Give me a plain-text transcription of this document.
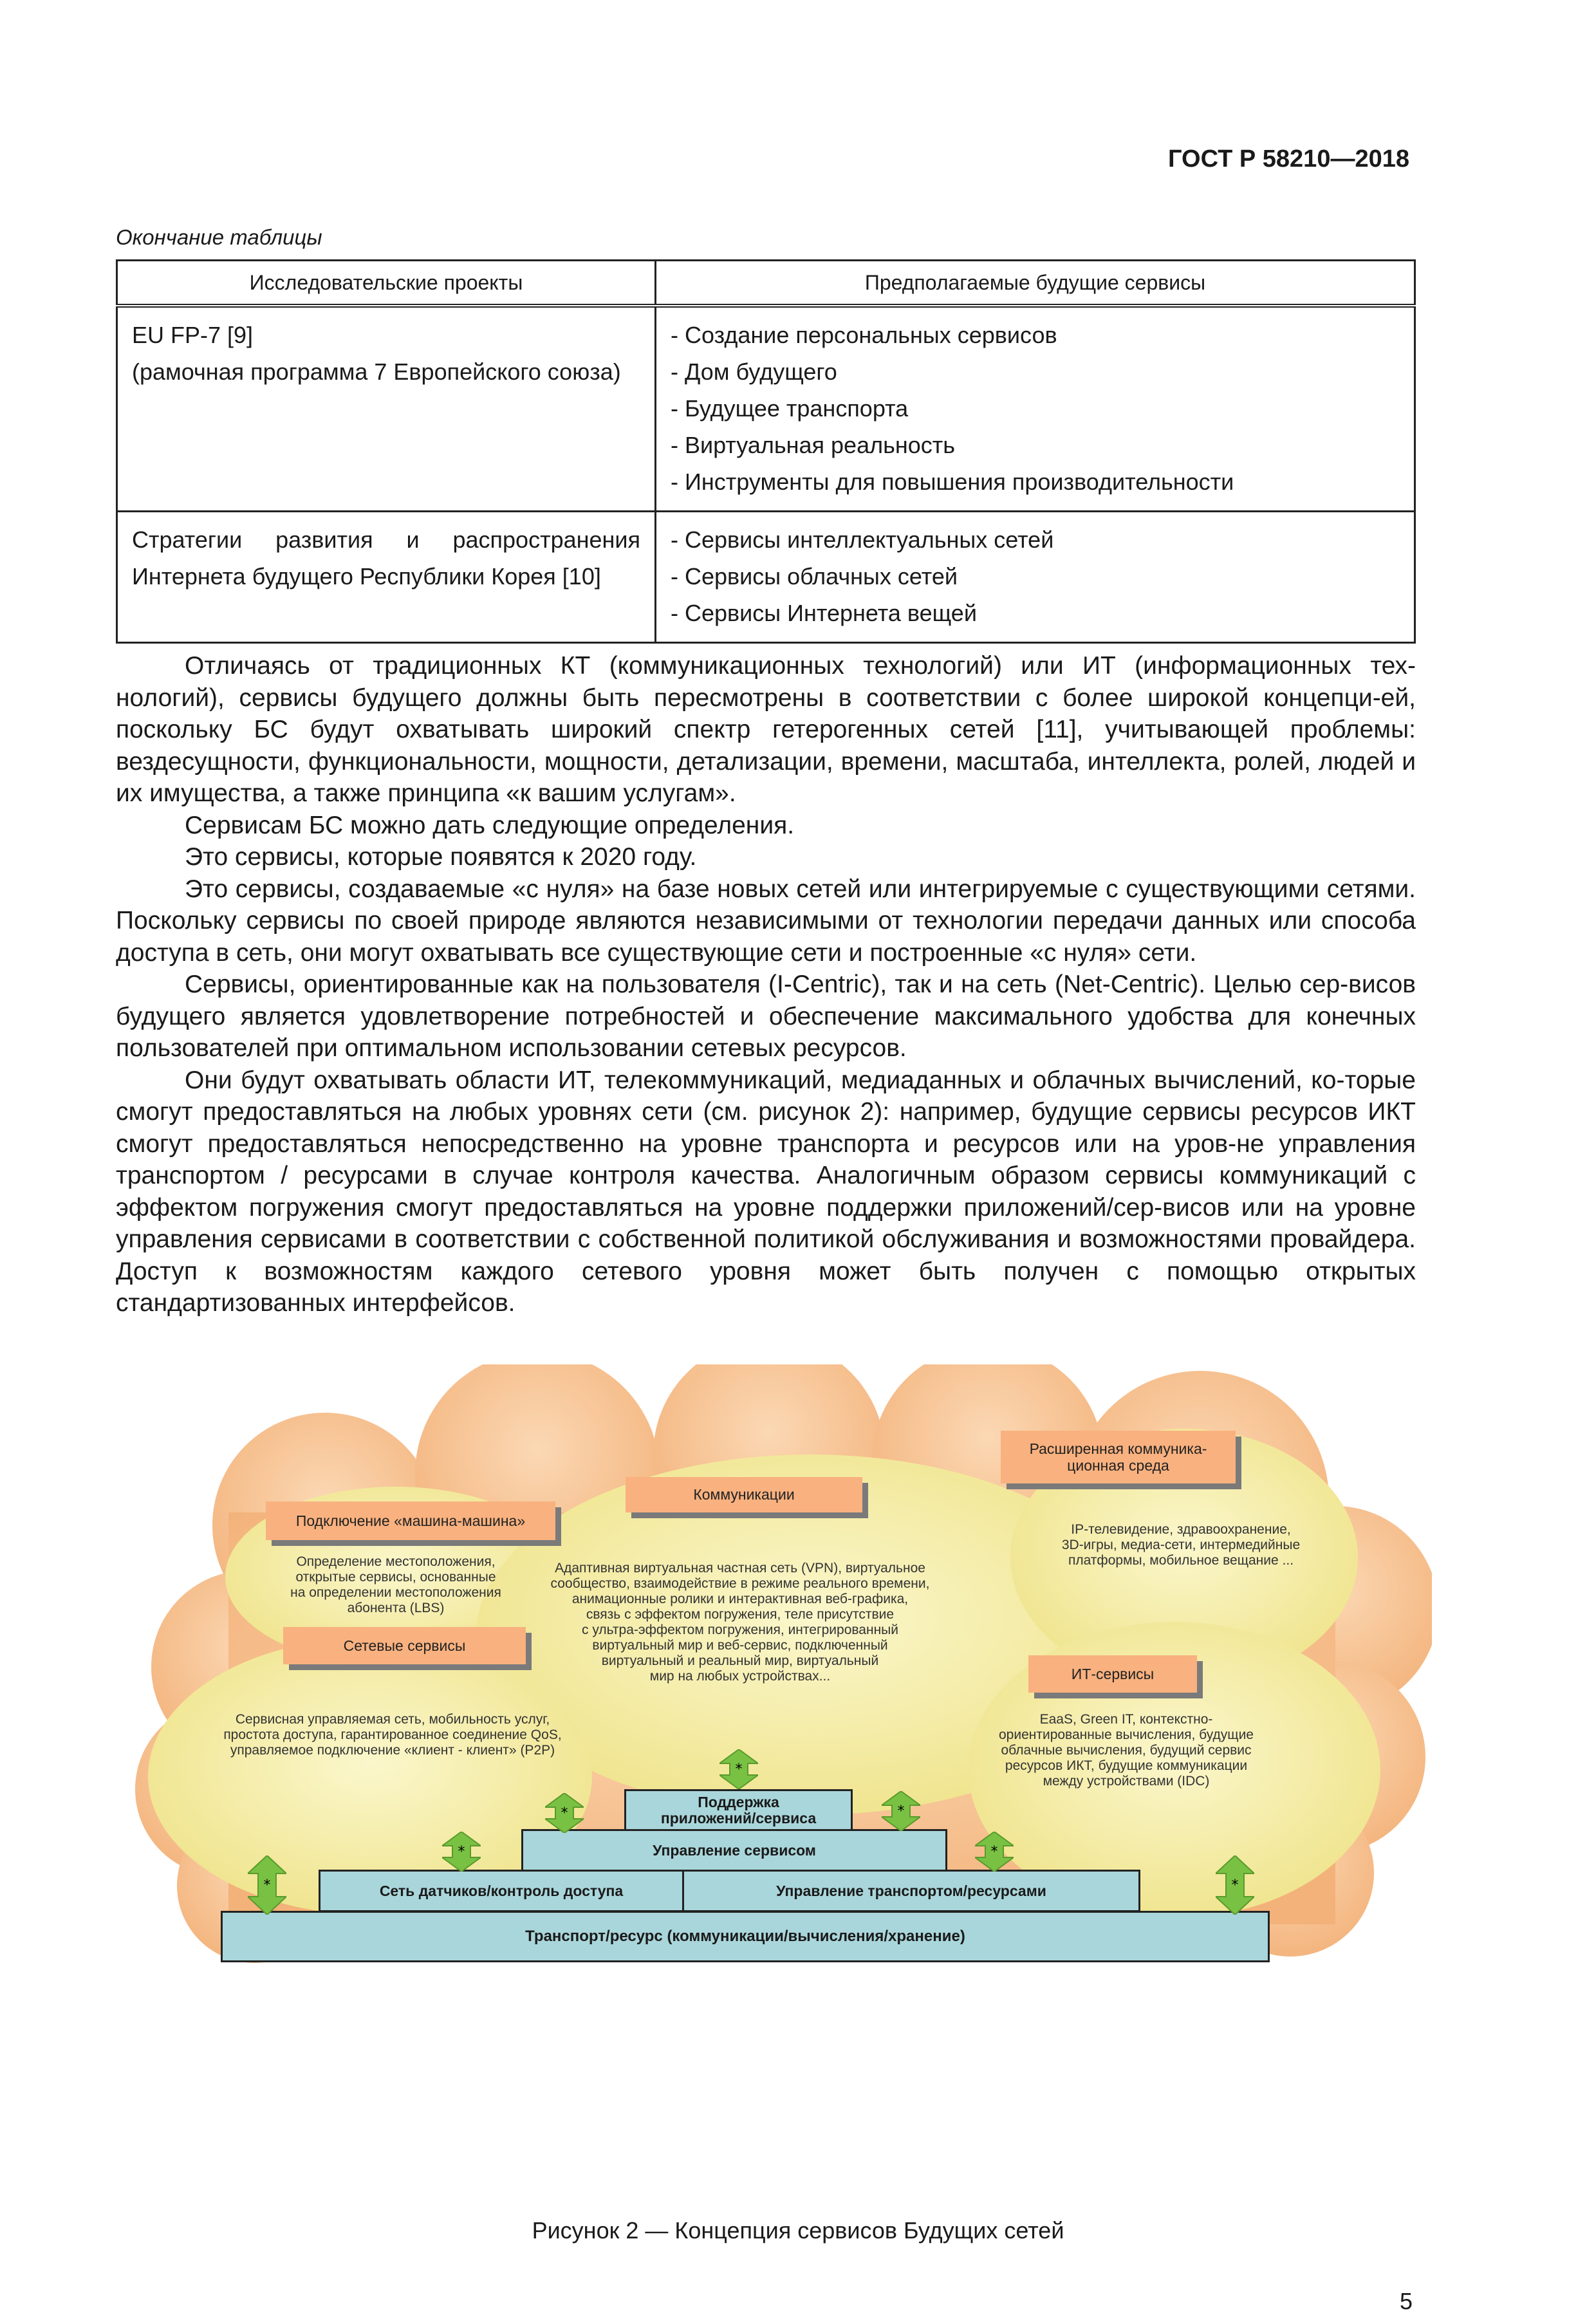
ГОСТ Р 58210—2018
Окончание таблицы
Исследовательские проекты	Предполагаемые будущие сервисы

EU FP-7 [9]
(рамочная программа 7 Европейского союза)	- Создание персональных сервисов
- Дом будущего
- Будущее транспорта
- Виртуальная реальность
- Инструменты для повышения производительности

Стратегии развития и распространения
Интернета будущего Республики Корея [10]	- Сервисы интеллектуальных сетей
- Сервисы облачных сетей
- Сервисы Интернета вещей

Отличаясь от традиционных КТ (коммуникационных технологий) или ИТ (информационных тех-нологий), сервисы будущего должны быть пересмотрены в соответствии с более широкой концепци-ей, поскольку БС будут охватывать широкий спектр гетерогенных сетей [11], учитывающей проблемы: вездесущности, функциональности, мощности, детализации, времени, масштаба, интеллекта, ролей, людей и их имущества, а также принципа «к вашим услугам».

Сервисам БС можно дать следующие определения.

Это сервисы, которые появятся к 2020 году.

Это сервисы, создаваемые «с нуля» на базе новых сетей или интегрируемые с существующими сетями. Поскольку сервисы по своей природе являются независимыми от технологии передачи данных или способа доступа в сеть, они могут охватывать все существующие сети и построенные «с нуля» сети.

Сервисы, ориентированные как на пользователя (I-Centric), так и на сеть (Net-Centric). Целью сер-висов будущего является удовлетворение потребностей и обеспечение максимального удобства для конечных пользователей при оптимальном использовании сетевых ресурсов.

Они будут охватывать области ИТ, телекоммуникаций, медиаданных и облачных вычислений, ко-торые смогут предоставляться на любых уровнях сети (см. рисунок 2): например, будущие сервисы ресурсов ИКТ смогут предоставляться непосредственно на уровне транспорта и ресурсов или на уров-не управления транспортом / ресурсами в случае контроля качества. Аналогичным образом сервисы коммуникаций с эффектом погружения смогут предоставляться на уровне поддержки приложений/сер-висов или на уровне управления сервисами в соответствии с собственной политикой обслуживания и возможностями провайдера. Доступ к возможностям каждого сетевого уровня может быть получен с помощью открытых стандартизованных интерфейсов.

Подключение «машина-машина»
Определение местоположения,
открытые сервисы, основанные
на определении местоположения
абонента (LBS)
Коммуникации
Адаптивная виртуальная частная сеть (VPN), виртуальное
сообщество, взаимодействие в режиме реального времени,
анимационные ролики и интерактивная веб-графика,
связь с эффектом погружения, теле присутствие
с ультра-эффектом погружения, интегрированный
виртуальный мир и веб-сервис, подключенный
виртуальный и реальный мир, виртуальный
мир на любых устройствах...
Расширенная коммуника-
ционная среда
IP-телевидение, здравоохранение,
3D-игры, медиа-сети, интермедийные
платформы, мобильное вещание ...
Сетевые сервисы
Сервисная управляемая сеть, мобильность услуг,
простота доступа, гарантированное соединение QoS,
управляемое подключение «клиент - клиент» (P2P)
ИТ-сервисы
EaaS, Green IT, контекстно-
ориентированные вычисления, будущие
облачные вычисления, будущий сервис
ресурсов ИКТ, будущие коммуникации
между устройствами (IDC)
Поддержка
приложений/сервиса
Управление сервисом
Сеть датчиков/контроль доступа	Управление транспортом/ресурсами
Транспорт/ресурс (коммуникации/вычисления/хранение)
*
*	*
*	*
*	*
Рисунок 2 — Концепция сервисов Будущих сетей
5
